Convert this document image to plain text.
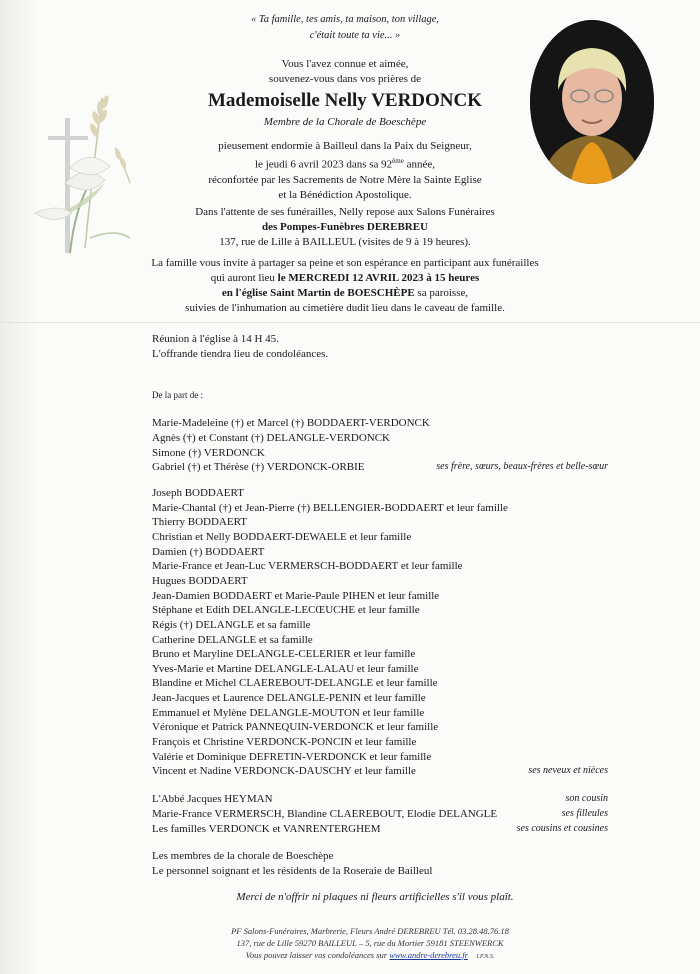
« Ta famille, tes amis, ta maison, ton village,
c'était toute ta vie... »
Vous l'avez connue et aimée,
souvenez-vous dans vos prières de
Mademoiselle Nelly VERDONCK
Membre de la Chorale de Boeschèpe
pieusement endormie à Bailleul dans la Paix du Seigneur,
le jeudi 6 avril 2023 dans sa 92ème année,
réconfortée par les Sacrements de Notre Mère la Sainte Eglise
et la Bénédiction Apostolique.
Dans l'attente de ses funérailles, Nelly repose aux Salons Funéraires
des Pompes-Funèbres DEREBREU
137, rue de Lille à BAILLEUL (visites de 9 à 19 heures).
La famille vous invite à partager sa peine et son espérance en participant aux funérailles
qui auront lieu le MERCREDI 12 AVRIL 2023 à 15 heures
en l'église Saint Martin de BOESCHÈPE sa paroisse,
suivies de l'inhumation au cimetière dudit lieu dans le caveau de famille.
Réunion à l'église à 14 H 45.
L'offrande tiendra lieu de condoléances.
De la part de :
Marie-Madeleine (†) et Marcel (†) BODDAERT-VERDONCK
Agnès (†) et Constant (†) DELANGLE-VERDONCK
Simone (†) VERDONCK
Gabriel (†) et Thérèse (†) VERDONCK-ORBIE	ses frère, sœurs, beaux-frères et belle-sœur
Joseph BODDAERT
Marie-Chantal (†) et Jean-Pierre (†) BELLENGIER-BODDAERT et leur famille
Thierry BODDAERT
Christian et Nelly BODDAERT-DEWAELE et leur famille
Damien (†) BODDAERT
Marie-France et Jean-Luc VERMERSCH-BODDAERT et leur famille
Hugues BODDAERT
Jean-Damien BODDAERT et Marie-Paule PIHEN et leur famille
Stéphane et Edith DELANGLE-LECŒUCHE et leur famille
Régis (†) DELANGLE et sa famille
Catherine DELANGLE et sa famille
Bruno et Maryline DELANGLE-CELERIER et leur famille
Yves-Marie et Martine DELANGLE-LALAU et leur famille
Blandine et Michel CLAEREBOUT-DELANGLE et leur famille
Jean-Jacques et Laurence DELANGLE-PENIN et leur famille
Emmanuel et Mylène DELANGLE-MOUTON et leur famille
Véronique et Patrick PANNEQUIN-VERDONCK et leur famille
François et Christine VERDONCK-PONCIN et leur famille
Valérie et Dominique DEFRETIN-VERDONCK et leur famille
Vincent et Nadine VERDONCK-DAUSCHY et leur famille	ses neveux et nièces
L'Abbé Jacques HEYMAN	son cousin
Marie-France VERMERSCH, Blandine CLAEREBOUT, Elodie DELANGLE	ses filleules
Les familles VERDONCK et VANRENTERGHEM	ses cousins et cousines
Les membres de la chorale de Boeschèpe
Le personnel soignant et les résidents de la Roseraie de Bailleul
Merci de n'offrir ni plaques ni fleurs artificielles s'il vous plaît.
PF Salons-Funéraires, Marbrerie, Fleurs André DEREBREU Tél. 03.28.48.76.18
137, rue de Lille 59270 BAILLEUL – 5, rue du Mortier 59181 STEENWERCK
Vous pouvez laisser vos condoléances sur www.andre-derebreu.fr I.P.N.S.
